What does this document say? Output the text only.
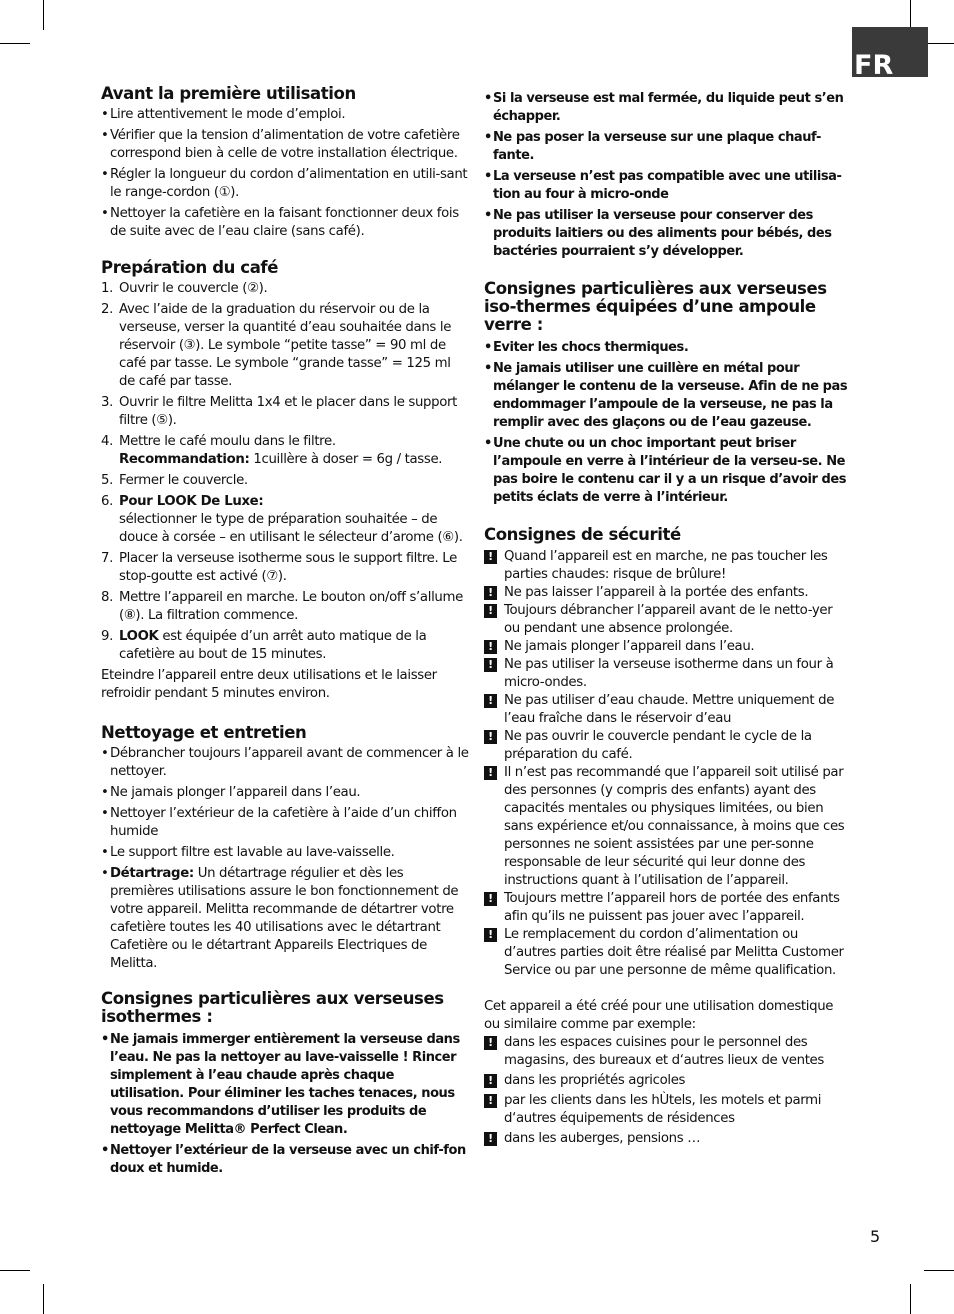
FR
Avant la première utilisation
• Lire attentivement le mode d’emploi.
• Vérifier que la tension d’alimentation de votre cafetière correspond bien à celle de votre installation électrique.
• Régler la longueur du cordon d’alimentation en utili-sant le range-cordon (①).
• Nettoyer la cafetière en la faisant fonctionner deux fois de suite avec de l’eau claire (sans café).
Prepáration du café
1. Ouvrir le couvercle (②).
2. Avec l’aide de la graduation du réservoir ou de la verseuse, verser la quantité d’eau souhaitée dans le réservoir (③). Le symbole “petite tasse” = 90 ml de café par tasse. Le symbole “grande tasse” = 125 ml de café par tasse.
3. Ouvrir le filtre Melitta 1x4 et le placer dans le support filtre (⑤).
4. Mettre le café moulu dans le filtre.
Recommandation: 1cuillère à doser = 6g / tasse.
5. Fermer le couvercle.
6. Pour LOOK De Luxe:
sélectionner le type de préparation souhaitée – de douce à corsée – en utilisant le sélecteur d’arome (⑥).
7. Placer la verseuse isotherme sous le support filtre. Le stop-goutte est activé (⑦).
8. Mettre l’appareil en marche. Le bouton on/off s’allume (⑧). La filtration commence.
9. LOOK est équipée d’un arrêt auto matique de la cafetière au bout de 15 minutes.

Eteindre l’appareil entre deux utilisations et le laisser refroidir pendant 5 minutes environ.

Nettoyage et entretien
• Débrancher toujours l’appareil avant de commencer à le nettoyer.
• Ne jamais plonger l’appareil dans l’eau.
• Nettoyer l’extérieur de la cafetière à l’aide d’un chiffon humide
• Le support filtre est lavable au lave-vaisselle.
• Détartrage: Un détartrage régulier et dès les premières utilisations assure le bon fonctionnement de votre appareil. Melitta recommande de détartrer votre cafetière toutes les 40 utilisations avec le détartrant Cafetière ou le détartrant Appareils Electriques de Melitta.
Consignes particulières aux verseuses isothermes :
• Ne jamais immerger entièrement la verseuse dans l’eau. Ne pas la nettoyer au lave-vaisselle ! Rincer simplement à l’eau chaude après chaque utilisation. Pour éliminer les taches tenaces, nous vous recommandons d’utiliser les produits de nettoyage Melitta® Perfect Clean.
• Nettoyer l’extérieur de la verseuse avec un chif-fon doux et humide.
• Si la verseuse est mal fermée, du liquide peut s’en échapper.
• Ne pas poser la verseuse sur une plaque chauf-fante.
• La verseuse n’est pas compatible avec une utilisa-tion au four à micro-onde
• Ne pas utiliser la verseuse pour conserver des produits laitiers ou des aliments pour bébés, des bactéries pourraient s’y développer.
Consignes particulières aux verseuses iso-thermes équipées d’une ampoule verre :
• Eviter les chocs thermiques.
• Ne jamais utiliser une cuillère en métal pour mélanger le contenu de la verseuse. Afin de ne pas endommager l’ampoule de la verseuse, ne pas la remplir avec des glaçons ou de l’eau gazeuse.
• Une chute ou un choc important peut briser l’ampoule en verre à l’intérieur de la verseu-se. Ne pas boire le contenu car il y a un risque d’avoir des petits éclats de verre à l’intérieur.
Consignes de sécurité
! Quand l’appareil est en marche, ne pas toucher les parties chaudes: risque de brûlure!
! Ne pas laisser l’appareil à la portée des enfants.
! Toujours débrancher l’appareil avant de le netto-yer ou pendant une absence prolongée.
! Ne jamais plonger l’appareil dans l’eau.
! Ne pas utiliser la verseuse isotherme dans un four à micro-ondes.
! Ne pas utiliser d’eau chaude. Mettre uniquement de l’eau fraîche dans le réservoir d’eau
! Ne pas ouvrir le couvercle pendant le cycle de la préparation du café.
! Il n’est pas recommandé que l’appareil soit utilisé par des personnes (y compris des enfants) ayant des capacités mentales ou physiques limitées, ou bien sans expérience et/ou connaissance, à moins que ces personnes ne soient assistées par une per-sonne responsable de leur sécurité qui leur donne des instructions quant à l’utilisation de l’appareil.
! Toujours mettre l’appareil hors de portée des enfants afin qu’ils ne puissent pas jouer avec l’appareil.
! Le remplacement du cordon d’alimentation ou d’autres parties doit être réalisé par Melitta Customer Service ou par une personne de même qualification.

Cet appareil a été créé pour une utilisation domestique ou similaire comme par exemple:

! dans les espaces cuisines pour le personnel des magasins, des bureaux et d‘autres lieux de ventes
! dans les propriétés agricoles
! par les clients dans les hÙtels, les motels et parmi d‘autres équipements de résidences
! dans les auberges, pensions …
5
